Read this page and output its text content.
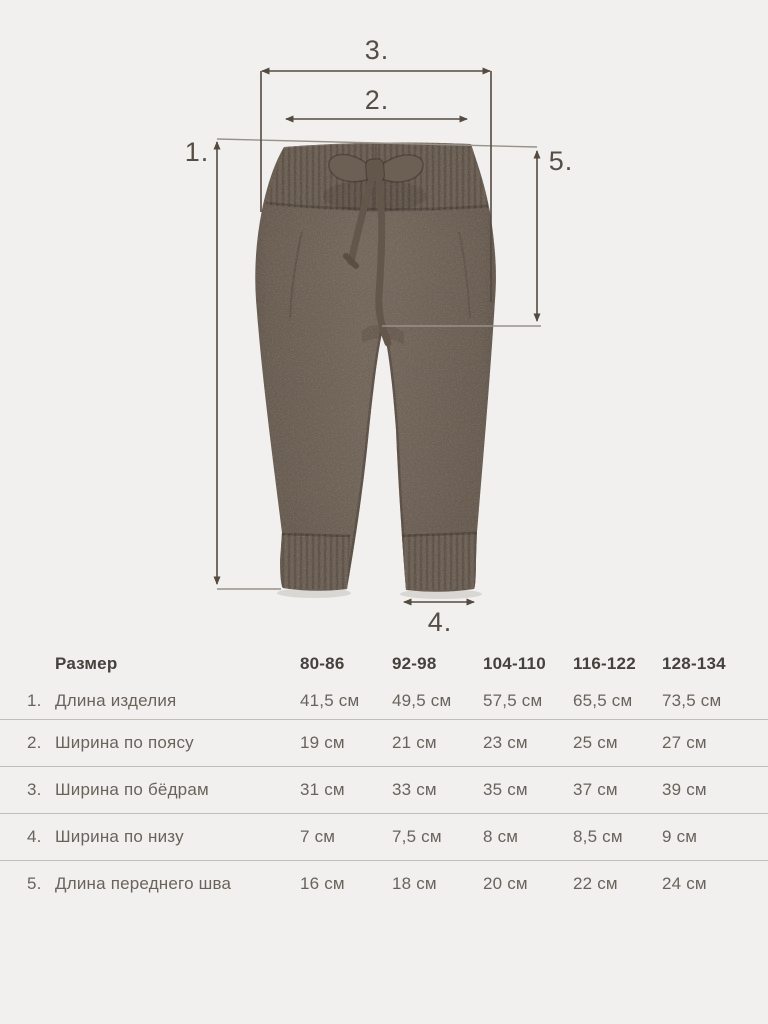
1.
2.
3.
4.
5.
Размер	80-86	92-98	104-110	116-122	128-134
1. Длина изделия	41,5 см	49,5 см	57,5 см	65,5 см	73,5 см
2. Ширина по поясу	19 см	21 см	23 см	25 см	27 см
3. Ширина по бёдрам	31 см	33 см	35 см	37 см	39 см
4. Ширина по низу	7 см	7,5 см	8 см	8,5 см	9 см
5. Длина переднего шва	16 см	18 см	20 см	22 см	24 см
